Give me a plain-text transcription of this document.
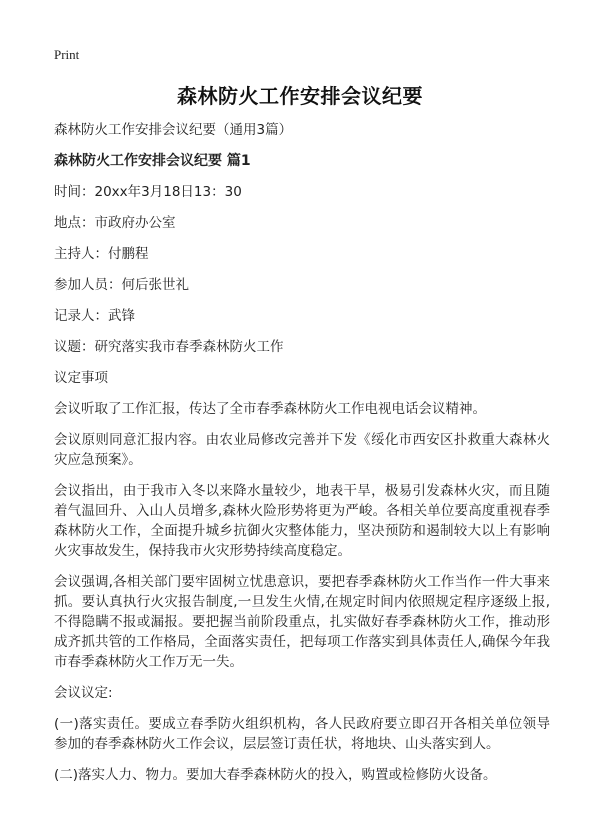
Print
森林防火工作安排会议纪要

森林防火工作安排会议纪要（通用3篇）

森林防火工作安排会议纪要 篇1

时间：20xx年3月18日13：30

地点：市政府办公室

主持人：付鹏程

参加人员：何后张世礼

记录人：武锋

议题：研究落实我市春季森林防火工作

议定事项

会议听取了工作汇报，传达了全市春季森林防火工作电视电话会议精神。

会议原则同意汇报内容。由农业局修改完善并下发《绥化市西安区扑救重大森林火灾应急预案》。

会议指出，由于我市入冬以来降水量较少，地表干旱，极易引发森林火灾，而且随着气温回升、入山人员增多,森林火险形势将更为严峻。各相关单位要高度重视春季森林防火工作，全面提升城乡抗御火灾整体能力，坚决预防和遏制较大以上有影响火灾事故发生，保持我市火灾形势持续高度稳定。

会议强调,各相关部门要牢固树立忧患意识，要把春季森林防火工作当作一件大事来抓。要认真执行火灾报告制度,一旦发生火情,在规定时间内依照规定程序逐级上报,不得隐瞒不报或漏报。要把握当前阶段重点，扎实做好春季森林防火工作，推动形成齐抓共管的工作格局，全面落实责任，把每项工作落实到具体责任人,确保今年我市春季森林防火工作万无一失。

会议议定:

(一)落实责任。要成立春季防火组织机构，各人民政府要立即召开各相关单位领导参加的春季森林防火工作会议，层层签订责任状，将地块、山头落实到人。

(二)落实人力、物力。要加大春季森林防火的投入，购置或检修防火设备。
